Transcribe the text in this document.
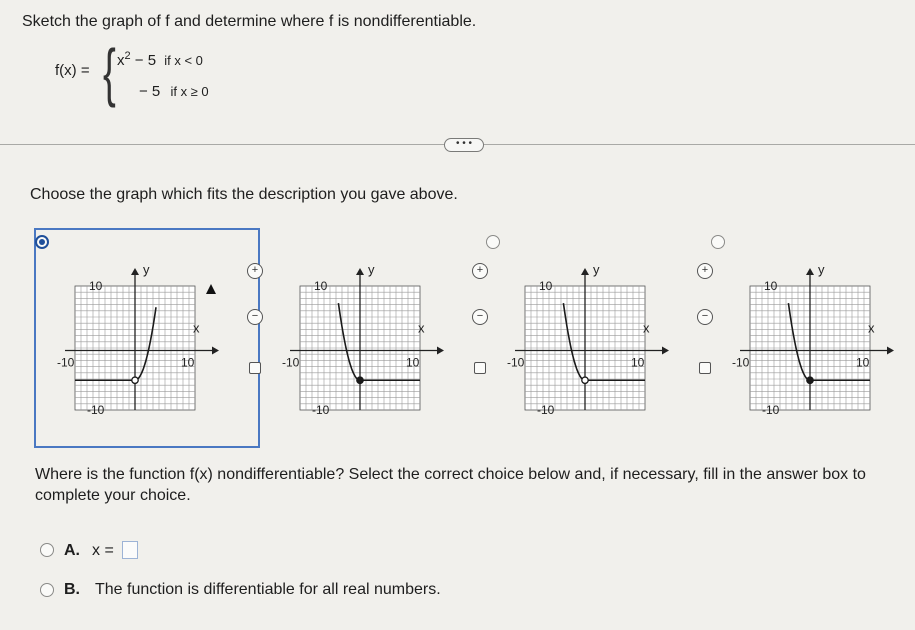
Sketch the graph of f and determine where f is nondifferentiable.
f(x) = { $x^2 - 5$ if x < 0
− 5 if x ≥ 0
• • •
Choose the graph which fits the description you gave above.
+
−
y
x
10
-10
-10	10
+
−
y
x
10
-10
-10	10
+
−
y
x
10
-10
-10	10
y
x
10
-10
-10	10
Where is the function f(x) nondifferentiable? Select the correct choice below and, if necessary, fill in the answer box to complete your choice.
A. x =
B. The function is differentiable for all real numbers.
